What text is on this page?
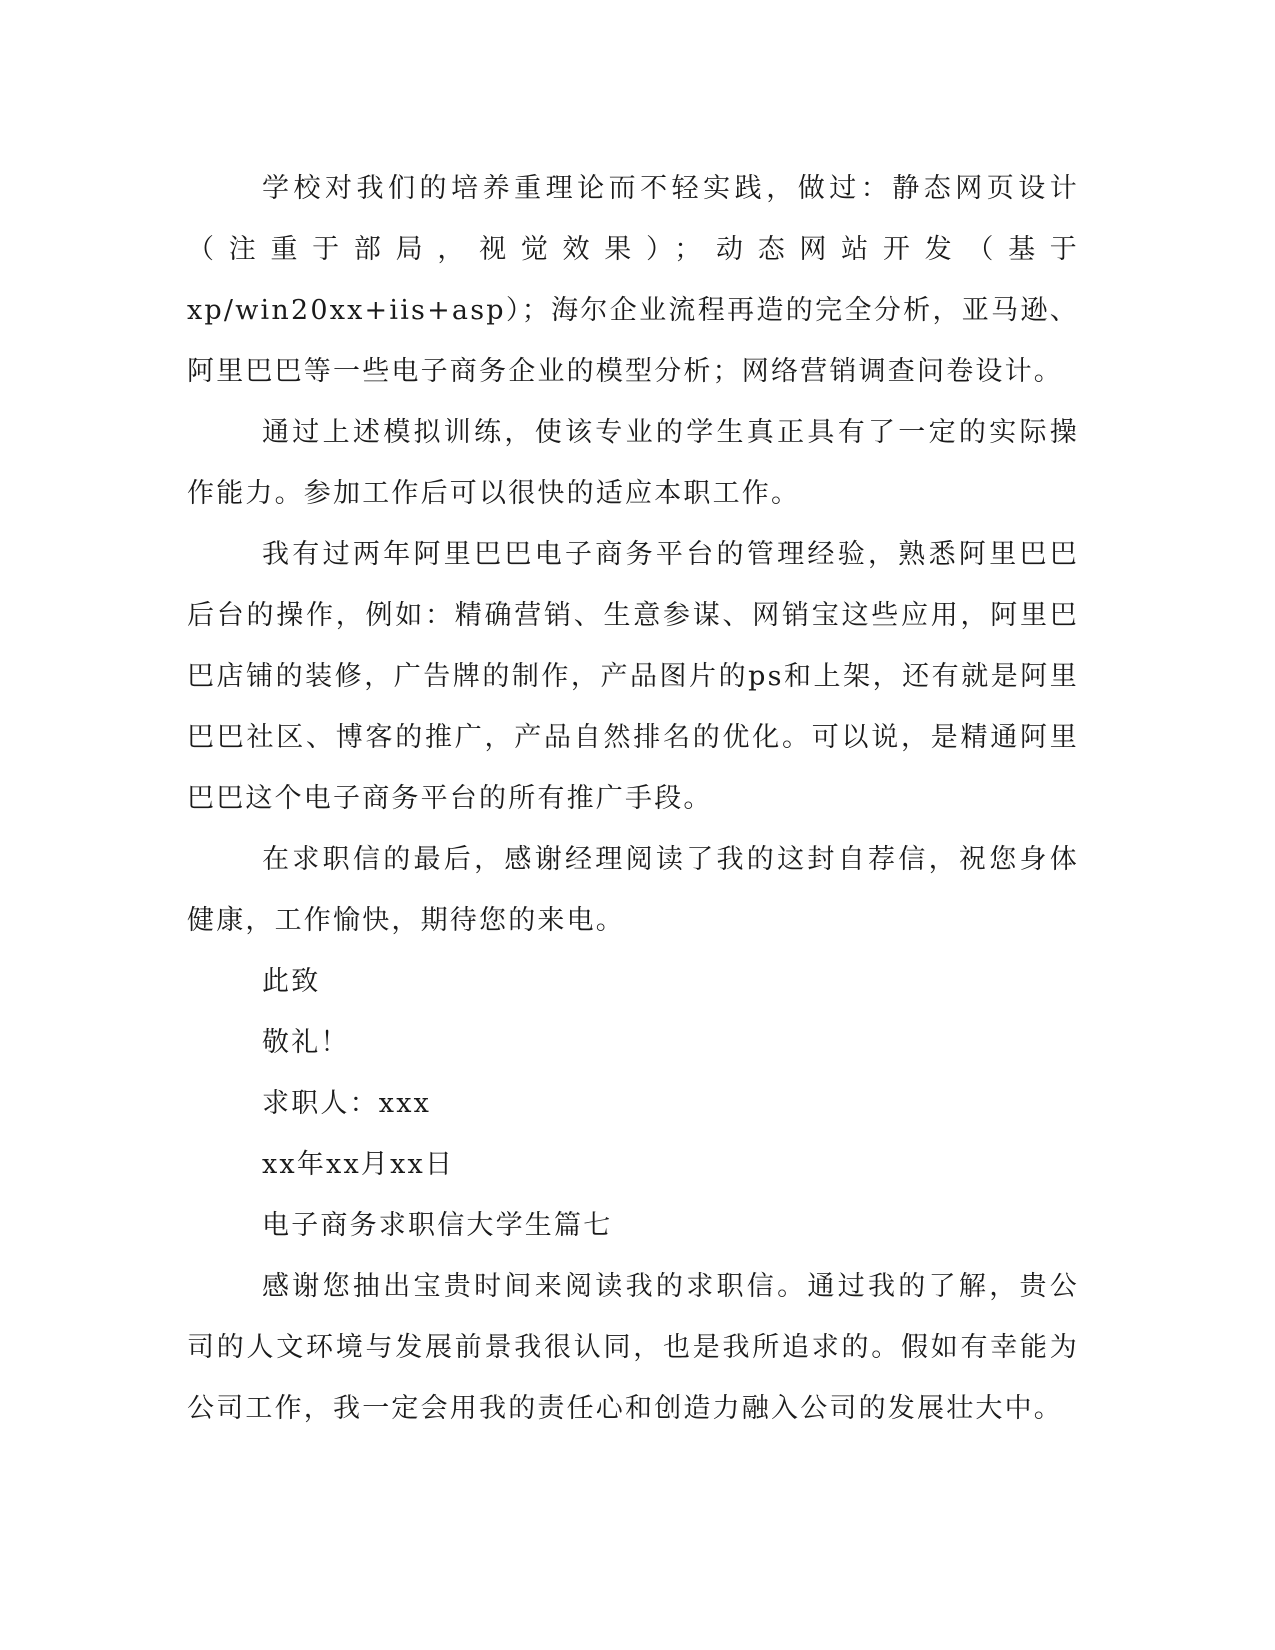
学校对我们的培养重理论而不轻实践，做过：静态网页设计（注重于部局，视觉效果）；动态网站开发（基于xp/win20xx+iis+asp）；海尔企业流程再造的完全分析，亚马逊、阿里巴巴等一些电子商务企业的模型分析；网络营销调查问卷设计。

通过上述模拟训练，使该专业的学生真正具有了一定的实际操作能力。参加工作后可以很快的适应本职工作。

我有过两年阿里巴巴电子商务平台的管理经验，熟悉阿里巴巴后台的操作，例如：精确营销、生意参谋、网销宝这些应用，阿里巴巴店铺的装修，广告牌的制作，产品图片的ps和上架，还有就是阿里巴巴社区、博客的推广，产品自然排名的优化。可以说，是精通阿里巴巴这个电子商务平台的所有推广手段。

在求职信的最后，感谢经理阅读了我的这封自荐信，祝您身体健康，工作愉快，期待您的来电。

此致

敬礼！

求职人：xxx

xx年xx月xx日

电子商务求职信大学生篇七

感谢您抽出宝贵时间来阅读我的求职信。通过我的了解，贵公司的人文环境与发展前景我很认同，也是我所追求的。假如有幸能为公司工作，我一定会用我的责任心和创造力融入公司的发展壮大中。
